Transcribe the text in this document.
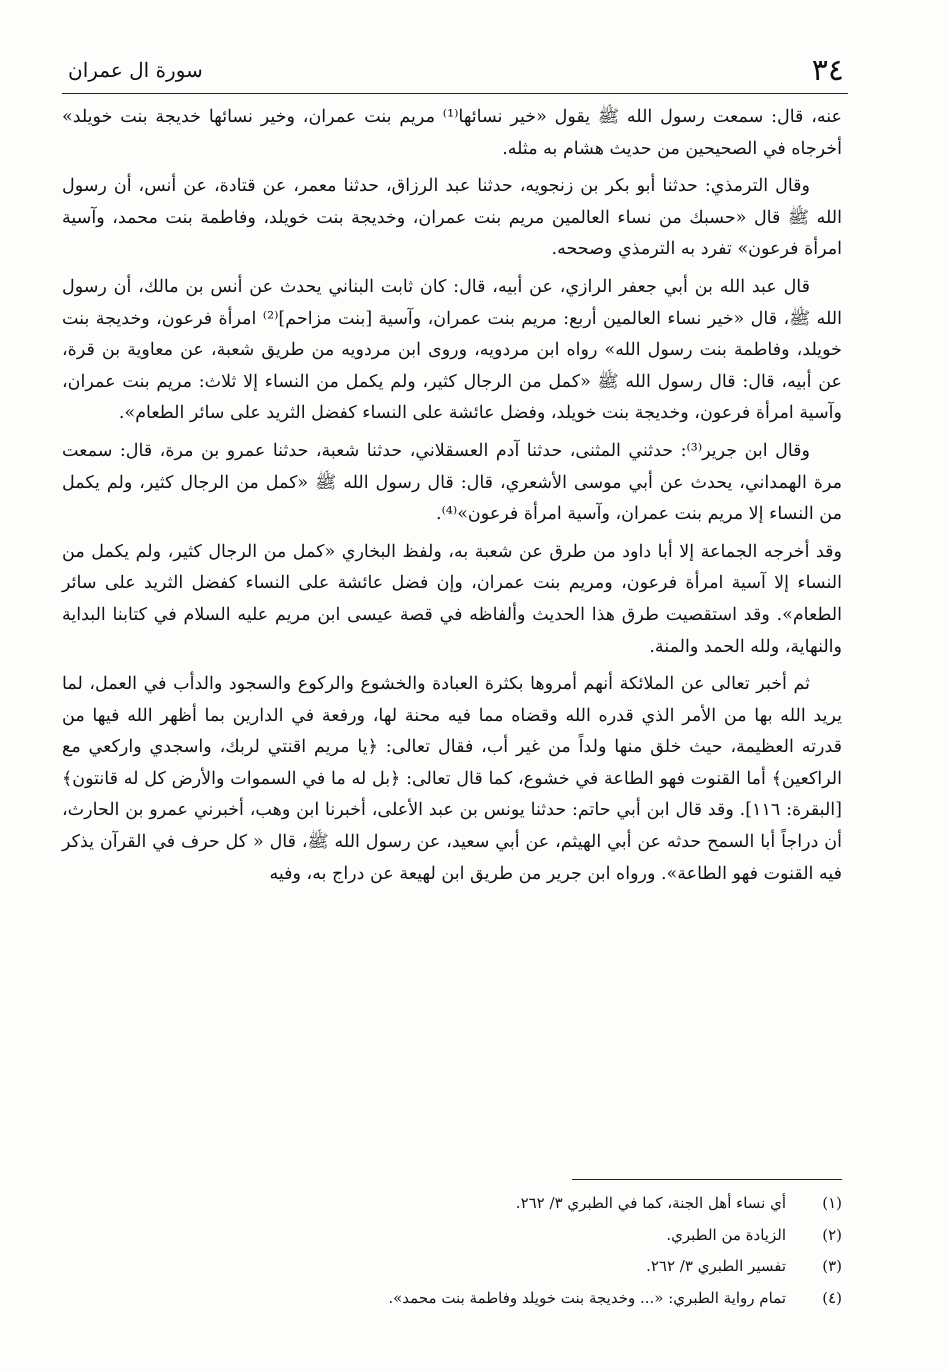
٣٤
سورة ال عمران

عنه، قال: سمعت رسول الله ﷺ يقول «خير نسائها⁽¹⁾ مريم بنت عمران، وخير نسائها خديجة بنت خويلد» أخرجاه في الصحيحين من حديث هشام به مثله.

وقال الترمذي: حدثنا أبو بكر بن زنجويه، حدثنا عبد الرزاق، حدثنا معمر، عن قتادة، عن أنس، أن رسول الله ﷺ قال «حسبك من نساء العالمين مريم بنت عمران، وخديجة بنت خويلد، وفاطمة بنت محمد، وآسية امرأة فرعون» تفرد به الترمذي وصححه.

قال عبد الله بن أبي جعفر الرازي، عن أبيه، قال: كان ثابت البناني يحدث عن أنس بن مالك، أن رسول الله ﷺ، قال «خير نساء العالمين أربع: مريم بنت عمران، وآسية [بنت مزاحم]⁽²⁾ امرأة فرعون، وخديجة بنت خويلد، وفاطمة بنت رسول الله» رواه ابن مردويه، وروى ابن مردويه من طريق شعبة، عن معاوية بن قرة، عن أبيه، قال: قال رسول الله ﷺ «كمل من الرجال كثير، ولم يكمل من النساء إلا ثلاث: مريم بنت عمران، وآسية امرأة فرعون، وخديجة بنت خويلد، وفضل عائشة على النساء كفضل الثريد على سائر الطعام».

وقال ابن جرير⁽³⁾: حدثني المثنى، حدثنا آدم العسقلاني، حدثنا شعبة، حدثنا عمرو بن مرة، قال: سمعت مرة الهمداني، يحدث عن أبي موسى الأشعري، قال: قال رسول الله ﷺ «كمل من الرجال كثير، ولم يكمل من النساء إلا مريم بنت عمران، وآسية امرأة فرعون»⁽⁴⁾.

وقد أخرجه الجماعة إلا أبا داود من طرق عن شعبة به، ولفظ البخاري «كمل من الرجال كثير، ولم يكمل من النساء إلا آسية امرأة فرعون، ومريم بنت عمران، وإن فضل عائشة على النساء كفضل الثريد على سائر الطعام». وقد استقصيت طرق هذا الحديث وألفاظه في قصة عيسى ابن مريم عليه السلام في كتابنا البداية والنهاية، ولله الحمد والمنة.

ثم أخبر تعالى عن الملائكة أنهم أمروها بكثرة العبادة والخشوع والركوع والسجود والدأب في العمل، لما يريد الله بها من الأمر الذي قدره الله وقضاه مما فيه محنة لها، ورفعة في الدارين بما أظهر الله فيها من قدرته العظيمة، حيث خلق منها ولداً من غير أب، فقال تعالى: ﴿يا مريم اقنتي لربك، واسجدي واركعي مع الراكعين﴾ أما القنوت فهو الطاعة في خشوع، كما قال تعالى: ﴿بل له ما في السموات والأرض كل له قانتون﴾ [البقرة: ١١٦]. وقد قال ابن أبي حاتم: حدثنا يونس بن عبد الأعلى، أخبرنا ابن وهب، أخبرني عمرو بن الحارث، أن دراجاً أبا السمح حدثه عن أبي الهيثم، عن أبي سعيد، عن رسول الله ﷺ، قال « كل حرف في القرآن يذكر فيه القنوت فهو الطاعة». ورواه ابن جرير من طريق ابن لهيعة عن دراج به، وفيه

(١)
أي نساء أهل الجنة، كما في الطبري ٣/ ٢٦٢.
(٢)
الزيادة من الطبري.
(٣)
تفسير الطبري ٣/ ٢٦٢.
(٤)
تمام رواية الطبري: «... وخديجة بنت خويلد وفاطمة بنت محمد».
